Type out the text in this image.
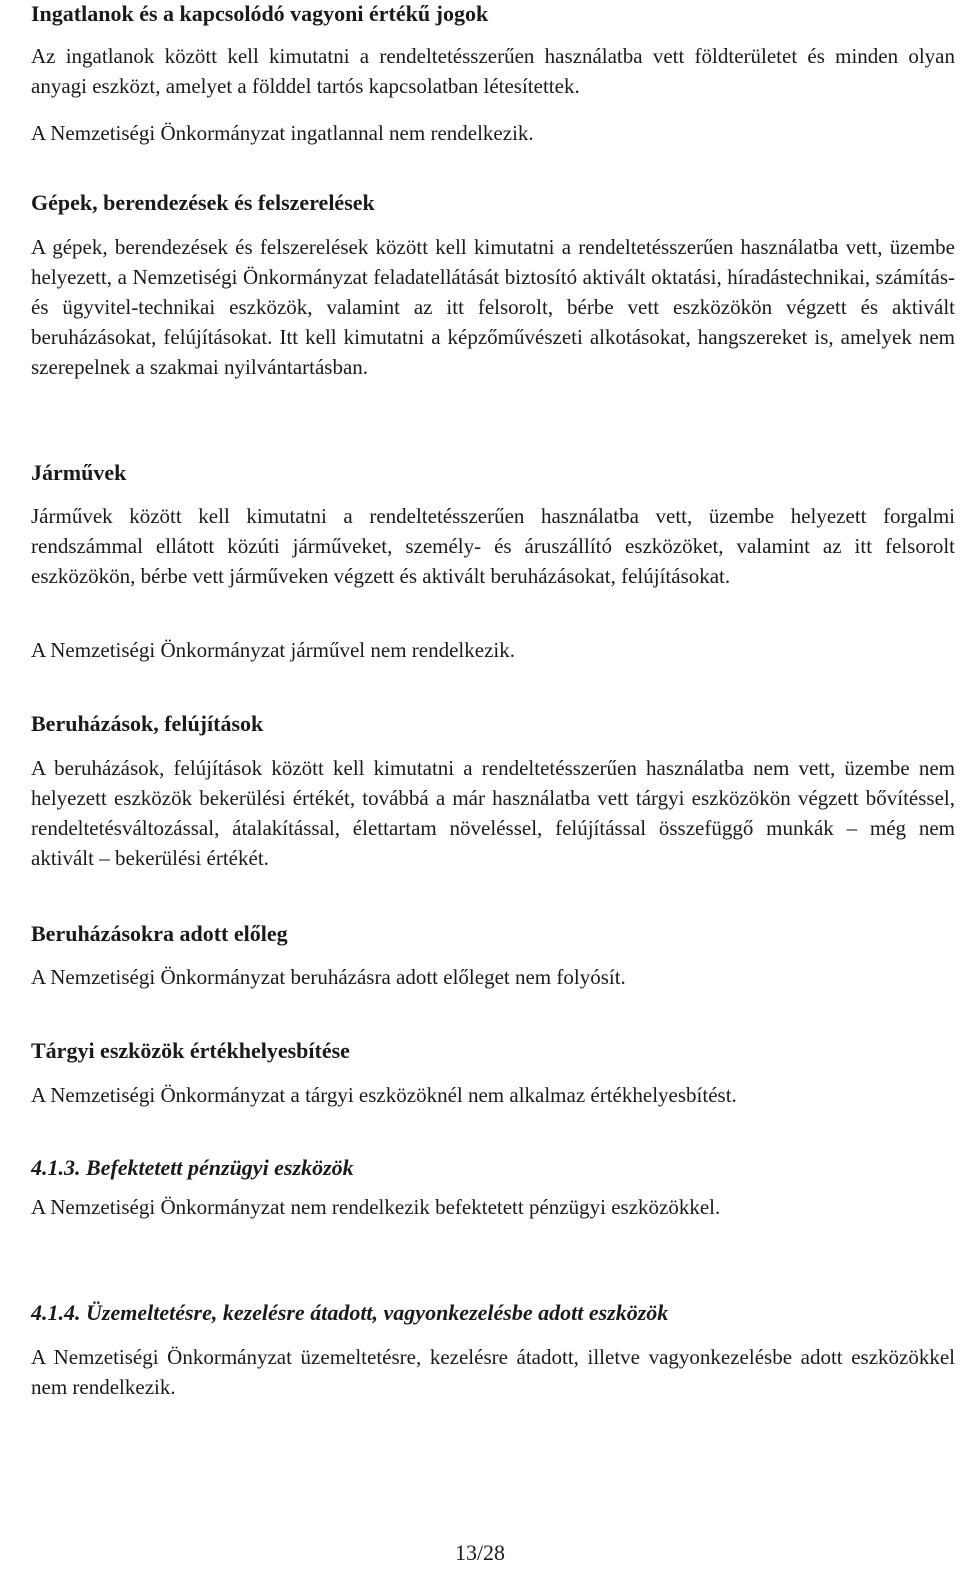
Ingatlanok és a kapcsolódó vagyoni értékű jogok
Az ingatlanok között kell kimutatni a rendeltetésszerűen használatba vett földterületet és minden olyan anyagi eszközt, amelyet a földdel tartós kapcsolatban létesítettek.
A Nemzetiségi Önkormányzat ingatlannal nem rendelkezik.
Gépek, berendezések és felszerelések
A gépek, berendezések és felszerelések között kell kimutatni a rendeltetésszerűen használatba vett, üzembe helyezett, a Nemzetiségi Önkormányzat feladatellátását biztosító aktivált oktatási, híradástechnikai, számítás- és ügyvitel-technikai eszközök, valamint az itt felsorolt, bérbe vett eszközökön végzett és aktivált beruházásokat, felújításokat. Itt kell kimutatni a képzőművészeti alkotásokat, hangszereket is, amelyek nem szerepelnek a szakmai nyilvántartásban.
Járművek
Járművek között kell kimutatni a rendeltetésszerűen használatba vett, üzembe helyezett forgalmi rendszámmal ellátott közúti járműveket, személy- és áruszállító eszközöket, valamint az itt felsorolt eszközökön, bérbe vett járműveken végzett és aktivált beruházásokat, felújításokat.
A Nemzetiségi Önkormányzat járművel nem rendelkezik.
Beruházások, felújítások
A beruházások, felújítások között kell kimutatni a rendeltetésszerűen használatba nem vett, üzembe nem helyezett eszközök bekerülési értékét, továbbá a már használatba vett tárgyi eszközökön végzett bővítéssel, rendeltetésváltozással, átalakítással, élettartam növeléssel, felújítással összefüggő munkák – még nem aktivált – bekerülési értékét.
Beruházásokra adott előleg
A Nemzetiségi Önkormányzat beruházásra adott előleget nem folyósít.
Tárgyi eszközök értékhelyesbítése
A Nemzetiségi Önkormányzat a tárgyi eszközöknél nem alkalmaz értékhelyesbítést.
4.1.3. Befektetett pénzügyi eszközök
A Nemzetiségi Önkormányzat nem rendelkezik befektetett pénzügyi eszközökkel.
4.1.4. Üzemeltetésre, kezelésre átadott, vagyonkezelésbe adott eszközök
A Nemzetiségi Önkormányzat üzemeltetésre, kezelésre átadott, illetve vagyonkezelésbe adott eszközökkel nem rendelkezik.
13/28
